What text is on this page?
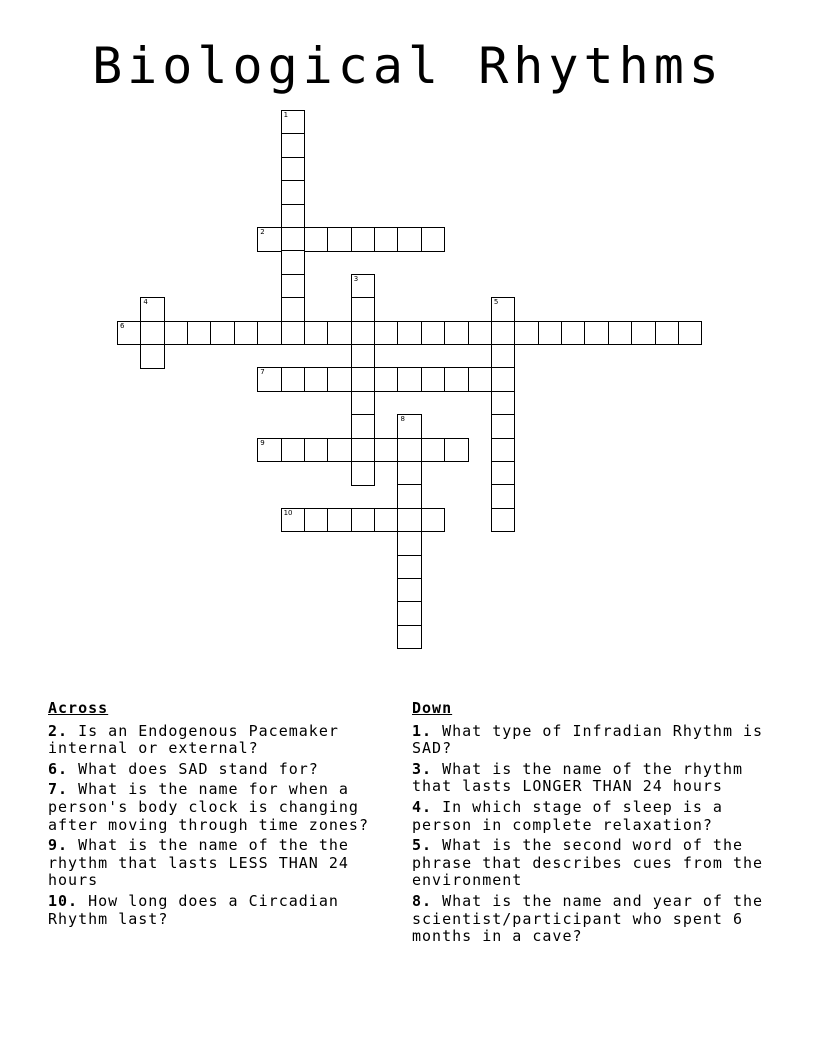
Biological Rhythms
1
2
3
4	5
6
7
8
9
10
Across
2. Is an Endogenous Pacemaker internal or external?
6. What does SAD stand for?
7. What is the name for when a person's body clock is changing after moving through time zones?
9. What is the name of the the rhythm that lasts LESS THAN 24 hours
10. How long does a Circadian Rhythm last?
Down
1. What type of Infradian Rhythm is SAD?
3. What is the name of the rhythm that lasts LONGER THAN 24 hours
4. In which stage of sleep is a person in complete relaxation?
5. What is the second word of the phrase that describes cues from the environment
8. What is the name and year of the scientist/participant who spent 6 months in a cave?
